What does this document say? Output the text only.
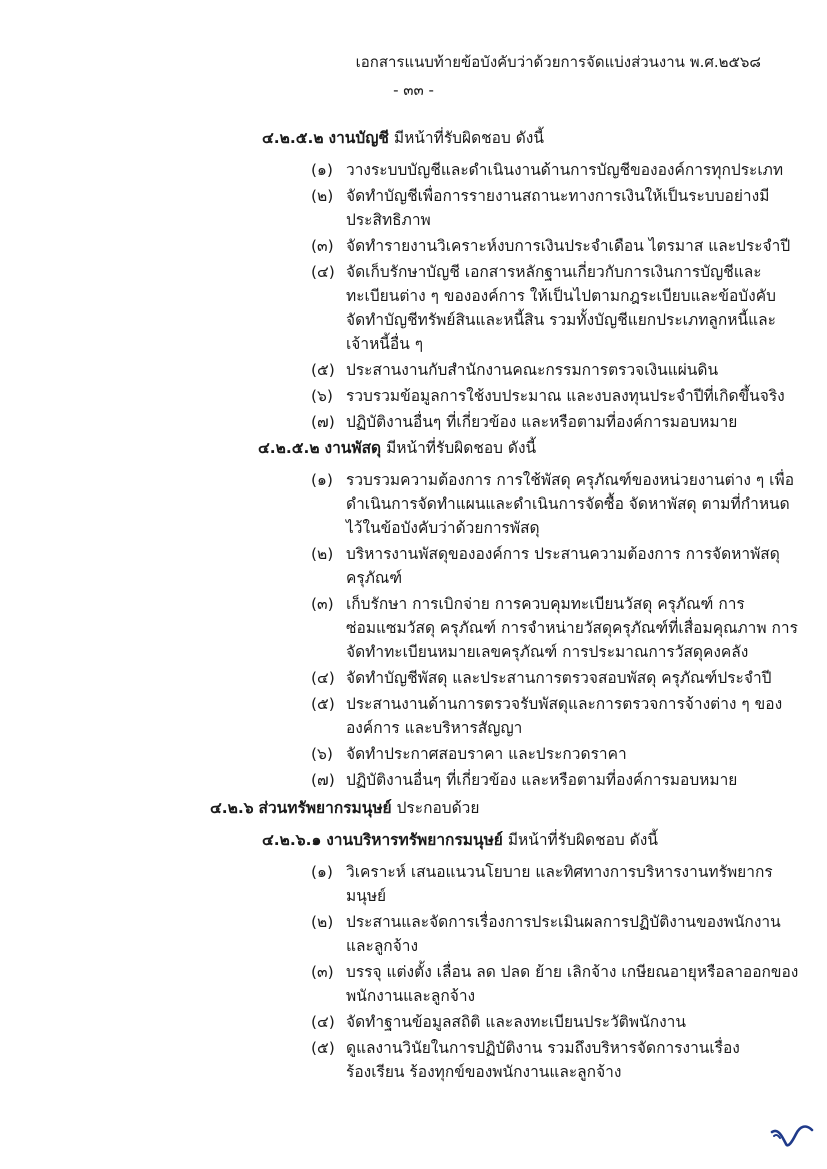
เอกสารแนบท้ายข้อบังคับว่าด้วยการจัดแบ่งส่วนงาน พ.ศ.๒๕๖๘
- ๓๓ -
๔.๒.๕.๒ งานบัญชี มีหน้าที่รับผิดชอบ ดังนี้
(๑) วางระบบบัญชีและดำเนินงานด้านการบัญชีขององค์การทุกประเภท
(๒) จัดทำบัญชีเพื่อการรายงานสถานะทางการเงินให้เป็นระบบอย่างมี
ประสิทธิภาพ
(๓) จัดทำรายงานวิเคราะห์งบการเงินประจำเดือน ไตรมาส และประจำปี
(๔) จัดเก็บรักษาบัญชี เอกสารหลักฐานเกี่ยวกับการเงินการบัญชีและ
ทะเบียนต่าง ๆ ขององค์การ ให้เป็นไปตามกฎระเบียบและข้อบังคับ
จัดทำบัญชีทรัพย์สินและหนี้สิน รวมทั้งบัญชีแยกประเภทลูกหนี้และ
เจ้าหนี้อื่น ๆ
(๕) ประสานงานกับสำนักงานคณะกรรมการตรวจเงินแผ่นดิน
(๖) รวบรวมข้อมูลการใช้งบประมาณ และงบลงทุนประจำปีที่เกิดขึ้นจริง
(๗) ปฏิบัติงานอื่นๆ ที่เกี่ยวข้อง และหรือตามที่องค์การมอบหมาย
๔.๒.๕.๒ งานพัสดุ มีหน้าที่รับผิดชอบ ดังนี้
(๑) รวบรวมความต้องการ การใช้พัสดุ ครุภัณฑ์ของหน่วยงานต่าง ๆ เพื่อ
ดำเนินการจัดทำแผนและดำเนินการจัดซื้อ จัดหาพัสดุ ตามที่กำหนด
ไว้ในข้อบังคับว่าด้วยการพัสดุ
(๒) บริหารงานพัสดุขององค์การ ประสานความต้องการ การจัดหาพัสดุ
ครุภัณฑ์
(๓) เก็บรักษา การเบิกจ่าย การควบคุมทะเบียนวัสดุ ครุภัณฑ์ การ
ซ่อมแซมวัสดุ ครุภัณฑ์ การจำหน่ายวัสดุครุภัณฑ์ที่เสื่อมคุณภาพ การ
จัดทำทะเบียนหมายเลขครุภัณฑ์ การประมาณการวัสดุคงคลัง
(๔) จัดทำบัญชีพัสดุ และประสานการตรวจสอบพัสดุ ครุภัณฑ์ประจำปี
(๕) ประสานงานด้านการตรวจรับพัสดุและการตรวจการจ้างต่าง ๆ ของ
องค์การ และบริหารสัญญา
(๖) จัดทำประกาศสอบราคา และประกวดราคา
(๗) ปฏิบัติงานอื่นๆ ที่เกี่ยวข้อง และหรือตามที่องค์การมอบหมาย
๔.๒.๖ ส่วนทรัพยากรมนุษย์ ประกอบด้วย
๔.๒.๖.๑ งานบริหารทรัพยากรมนุษย์ มีหน้าที่รับผิดชอบ ดังนี้
(๑) วิเคราะห์ เสนอแนวนโยบาย และทิศทางการบริหารงานทรัพยากร
มนุษย์
(๒) ประสานและจัดการเรื่องการประเมินผลการปฏิบัติงานของพนักงาน
และลูกจ้าง
(๓) บรรจุ แต่งตั้ง เลื่อน ลด ปลด ย้าย เลิกจ้าง เกษียณอายุหรือลาออกของ
พนักงานและลูกจ้าง
(๔) จัดทำฐานข้อมูลสถิติ และลงทะเบียนประวัติพนักงาน
(๕) ดูแลงานวินัยในการปฏิบัติงาน รวมถึงบริหารจัดการงานเรื่อง
ร้องเรียน ร้องทุกข์ของพนักงานและลูกจ้าง
